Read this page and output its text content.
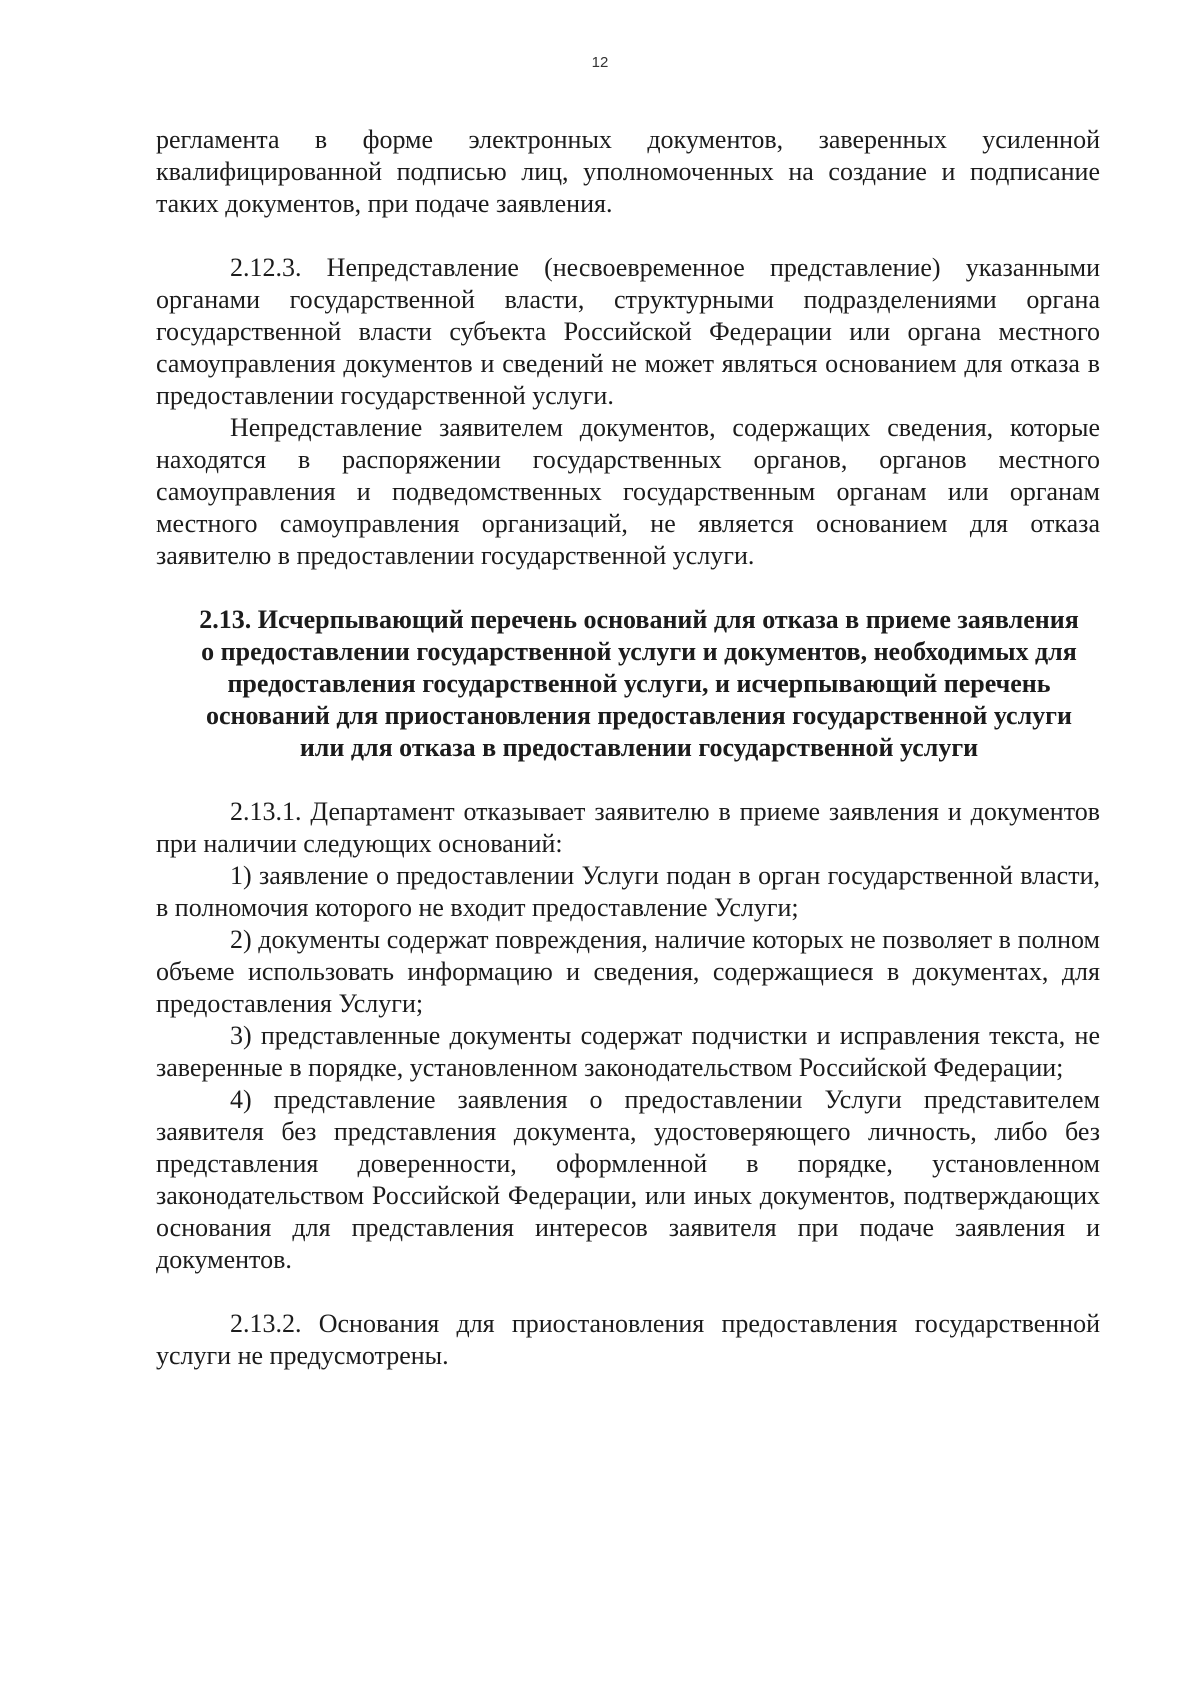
12

регламента в форме электронных документов, заверенных усиленной квалифицированной подписью лиц, уполномоченных на создание и подписание таких документов, при подаче заявления.

2.12.3. Непредставление (несвоевременное представление) указанными органами государственной власти, структурными подразделениями органа государственной власти субъекта Российской Федерации или органа местного самоуправления документов и сведений не может являться основанием для отказа в предоставлении государственной услуги.

Непредставление заявителем документов, содержащих сведения, которые находятся в распоряжении государственных органов, органов местного самоуправления и подведомственных государственным органам или органам местного самоуправления организаций, не является основанием для отказа заявителю в предоставлении государственной услуги.

2.13. Исчерпывающий перечень оснований для отказа в приеме заявления о предоставлении государственной услуги и документов, необходимых для предоставления государственной услуги, и исчерпывающий перечень оснований для приостановления предоставления государственной услуги или для отказа в предоставлении государственной услуги

2.13.1. Департамент отказывает заявителю в приеме заявления и документов при наличии следующих оснований:

1) заявление о предоставлении Услуги подан в орган государственной власти, в полномочия которого не входит предоставление Услуги;

2) документы содержат повреждения, наличие которых не позволяет в полном объеме использовать информацию и сведения, содержащиеся в документах, для предоставления Услуги;

3) представленные документы содержат подчистки и исправления текста, не заверенные в порядке, установленном законодательством Российской Федерации;

4) представление заявления о предоставлении Услуги представителем заявителя без представления документа, удостоверяющего личность, либо без представления доверенности, оформленной в порядке, установленном законодательством Российской Федерации, или иных документов, подтверждающих основания для представления интересов заявителя при подаче заявления и документов.

2.13.2. Основания для приостановления предоставления государственной услуги не предусмотрены.
